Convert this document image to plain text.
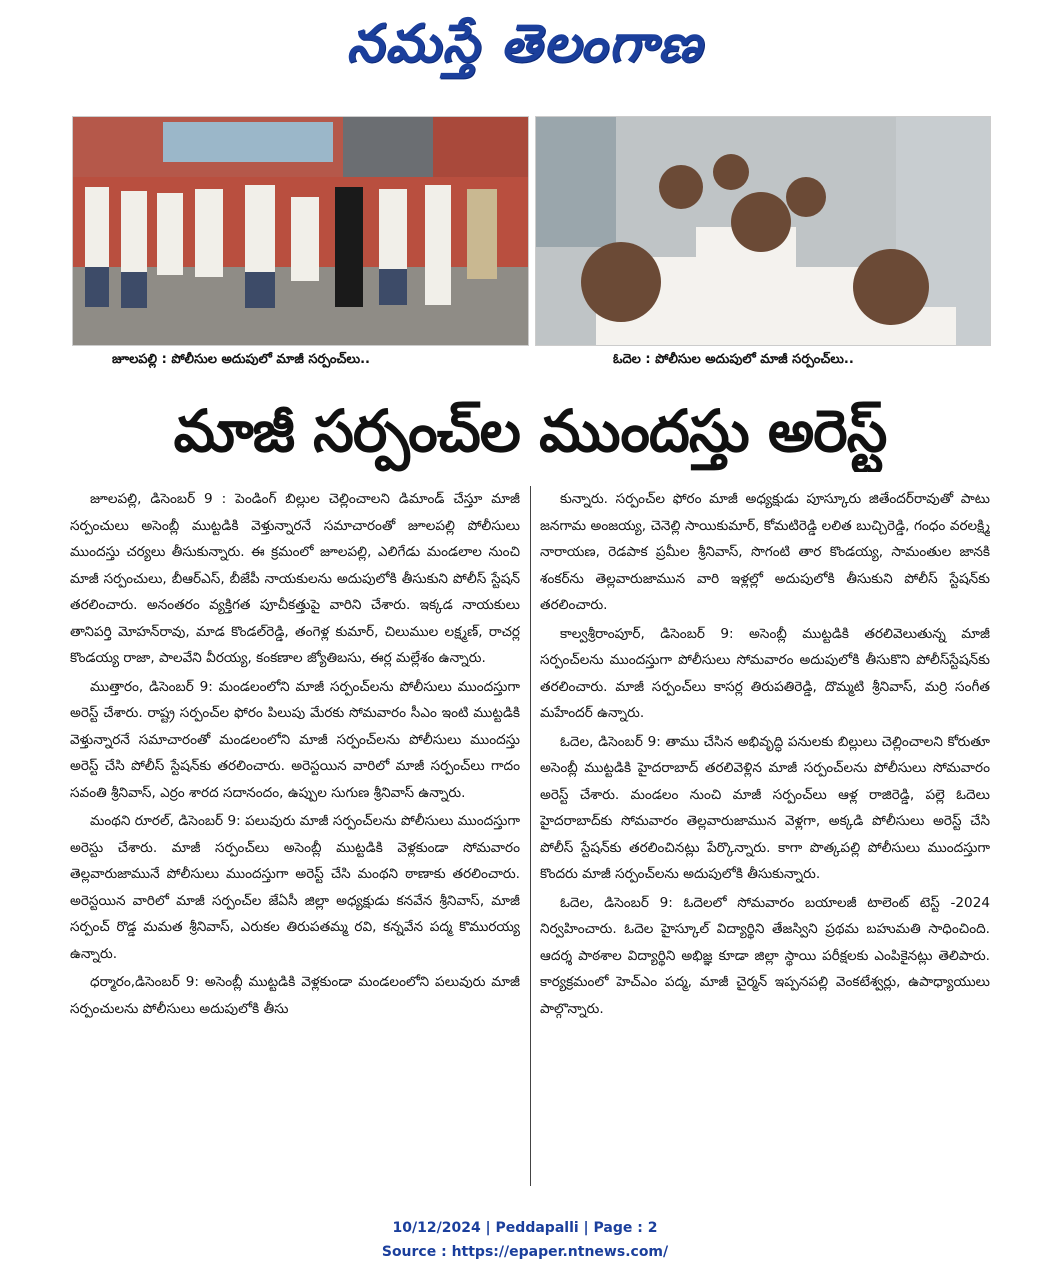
నమస్తే తెలంగాణ
జూలపల్లి : పోలీసుల అదుపులో మాజీ సర్పంచ్‌లు..	ఓదెల : పోలీసుల అదుపులో మాజీ సర్పంచ్‌లు..
మాజీ సర్పంచ్‌ల ముందస్తు అరెస్ట్

జూలపల్లి, డిసెంబర్ 9 : పెండింగ్ బిల్లుల చెల్లించాలని డిమాండ్ చేస్తూ మాజీ సర్పంచులు అసెంబ్లీ ముట్టడికి వెళ్తున్నారనే సమాచారంతో జూలపల్లి పోలీసులు ముందస్తు చర్యలు తీసుకున్నారు. ఈ క్రమంలో జూలపల్లి, ఎలిగేడు మండలాల నుంచి మాజీ సర్పంచులు, బీఆర్ఎస్, బీజేపీ నాయకులను అదుపులోకి తీసుకుని పోలీస్ స్టేషన్ తరలించారు. అనంతరం వ్యక్తిగత పూచీకత్తుపై వారిని చేశారు. ఇక్కడ నాయకులు తానిపర్తి మోహన్‌రావు, మాడ కొండల్‌రెడ్డి, తంగెళ్ల కుమార్, చిలుముల లక్ష్మణ్, రాచర్ల కొండయ్య రాజా, పాలవేని వీరయ్య, కంకణాల జ్యోతిబసు, ఈర్ల మల్లేశం ఉన్నారు.

ముత్తారం, డిసెంబర్ 9: మండలంలోని మాజీ సర్పంచ్‌లను పోలీసులు ముందస్తుగా అరెస్ట్ చేశారు. రాష్ట్ర సర్పంచ్‌ల ఫోరం పిలుపు మేరకు సోమవారం సీఎం ఇంటి ముట్టడికి వెళ్తున్నారనే సమాచారంతో మండలంలోని మాజీ సర్పంచ్‌లను పోలీసులు ముందస్తు అరెస్ట్ చేసి పోలీస్ స్టేషన్‌కు తరలించారు. అరెస్టయిన వారిలో మాజీ సర్పంచ్‌లు గాదం సవంతి శ్రీనివాస్, ఎర్రం శారద సదానందం, ఉప్పుల సుగుణ శ్రీనివాస్ ఉన్నారు.

మంథని రూరల్, డిసెంబర్ 9: పలువురు మాజీ సర్పంచ్‌లను పోలీసులు ముందస్తుగా అరెస్టు చేశారు. మాజీ సర్పంచ్‌లు అసెంబ్లీ ముట్టడికి వెళ్లకుండా సోమవారం తెల్లవారుజామునే పోలీసులు ముందస్తుగా అరెస్ట్ చేసి మంథని ఠాణాకు తరలించారు. అరెస్టయిన వారిలో మాజీ సర్పంచ్‌ల జేఏసీ జిల్లా అధ్యక్షుడు కనవేన శ్రీనివాస్, మాజీ సర్పంచ్ రొడ్డ మమత శ్రీనివాస్, ఎరుకల తిరుపతమ్మ రవి, కన్నవేన పద్మ కొమురయ్య ఉన్నారు.

ధర్మారం,డిసెంబర్ 9: అసెంబ్లీ ముట్టడికి వెళ్లకుండా మండలంలోని పలువురు మాజీ సర్పంచులను పోలీసులు అదుపులోకి తీసు

కున్నారు. సర్పంచ్‌ల ఫోరం మాజీ అధ్యక్షుడు పూస్కూరు జితేందర్‌రావుతో పాటు జనగామ అంజయ్య, చెనెల్లి సాయికుమార్, కోమటిరెడ్డి లలిత బుచ్చిరెడ్డి, గంధం వరలక్ష్మి నారాయణ, రెడపాక ప్రమీల శ్రీనివాస్, సొగంటి తార కొండయ్య, సామంతుల జానకి శంకర్‌ను తెల్లవారుజామున వారి ఇళ్లల్లో అదుపులోకి తీసుకుని పోలీస్ స్టేషన్‌కు తరలించారు.

కాల్వశ్రీరాంపూర్, డిసెంబర్ 9: అసెంబ్లీ ముట్టడికి తరలివెలుతున్న మాజీ సర్పంచ్‌లను ముందస్తుగా పోలీసులు సోమవారం అదుపులోకి తీసుకొని పోలీస్‌స్టేషన్‌కు తరలించారు. మాజీ సర్పంచ్‌లు కాసర్ల తిరుపతిరెడ్డి, దొమ్మటి శ్రీనివాస్, మర్రి సంగీత మహేందర్ ఉన్నారు.

ఓదెల, డిసెంబర్ 9: తాము చేసిన అభివృద్ధి పనులకు బిల్లులు చెల్లించాలని కోరుతూ అసెంబ్లీ ముట్టడికి హైదరాబాద్ తరలివెళ్లిన మాజీ సర్పంచ్‌లను పోలీసులు సోమవారం అరెస్ట్ చేశారు. మండలం నుంచి మాజీ సర్పంచ్‌లు ఆళ్ల రాజిరెడ్డి, పల్లె ఓదెలు హైదరాబాద్‌కు సోమవారం తెల్లవారుజామున వెళ్లగా, అక్కడి పోలీసులు అరెస్ట్ చేసి పోలీస్ స్టేషన్‌కు తరలించినట్లు పేర్కొన్నారు. కాగా పొత్కపల్లి పోలీసులు ముందస్తుగా కొందరు మాజీ సర్పంచ్‌లను అదుపులోకి తీసుకున్నారు.

ఓదెల, డిసెంబర్ 9: ఓదెలలో సోమవారం బయాలజీ టాలెంట్ టెస్ట్ -2024 నిర్వహించారు. ఓదెల హైస్కూల్ విద్యార్థిని తేజస్విని ప్రథమ బహుమతి సాధించింది. ఆదర్శ పాఠశాల విద్యార్థిని అభిజ్ఞ కూడా జిల్లా స్థాయి పరీక్షలకు ఎంపికైనట్లు తెలిపారు. కార్యక్రమంలో హెచ్ఎం పద్మ, మాజీ చైర్మన్ ఇప్పనపల్లి వెంకటేశ్వర్లు, ఉపాధ్యాయులు పాల్గొన్నారు.

10/12/2024 | Peddapalli | Page : 2
Source : https://epaper.ntnews.com/
